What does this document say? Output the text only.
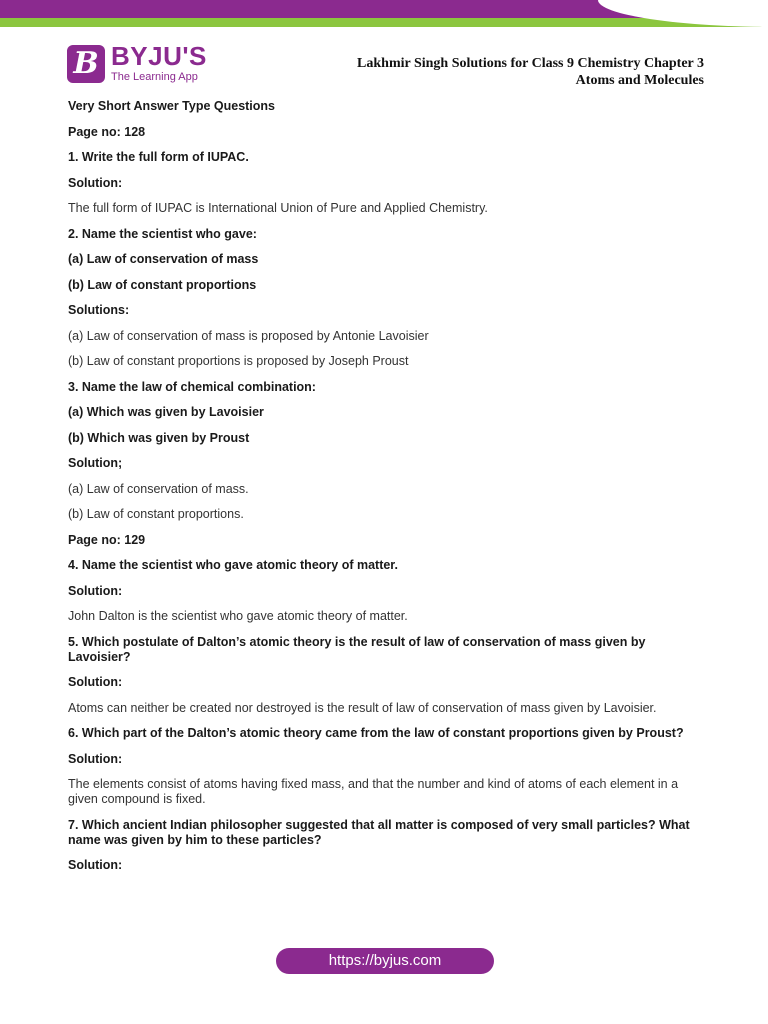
B BYJU'S
The Learning App
Lakhmir Singh Solutions for Class 9 Chemistry Chapter 3
Atoms and Molecules
Very Short Answer Type Questions
Page no: 128
1. Write the full form of IUPAC.
Solution:
The full form of IUPAC is International Union of Pure and Applied Chemistry.
2. Name the scientist who gave:
(a) Law of conservation of mass
(b) Law of constant proportions
Solutions:
(a) Law of conservation of mass is proposed by Antonie Lavoisier
(b) Law of constant proportions is proposed by Joseph Proust
3. Name the law of chemical combination:
(a) Which was given by Lavoisier
(b) Which was given by Proust
Solution;
(a) Law of conservation of mass.
(b) Law of constant proportions.
Page no: 129
4. Name the scientist who gave atomic theory of matter.
Solution:
John Dalton is the scientist who gave atomic theory of matter.
5. Which postulate of Dalton’s atomic theory is the result of law of conservation of mass given by Lavoisier?
Solution:
Atoms can neither be created nor destroyed is the result of law of conservation of mass given by Lavoisier.
6. Which part of the Dalton’s atomic theory came from the law of constant proportions given by Proust?
Solution:
The elements consist of atoms having fixed mass, and that the number and kind of atoms of each element in a given compound is fixed.
7. Which ancient Indian philosopher suggested that all matter is composed of very small particles? What name was given by him to these particles?
Solution:
https://byjus.com
